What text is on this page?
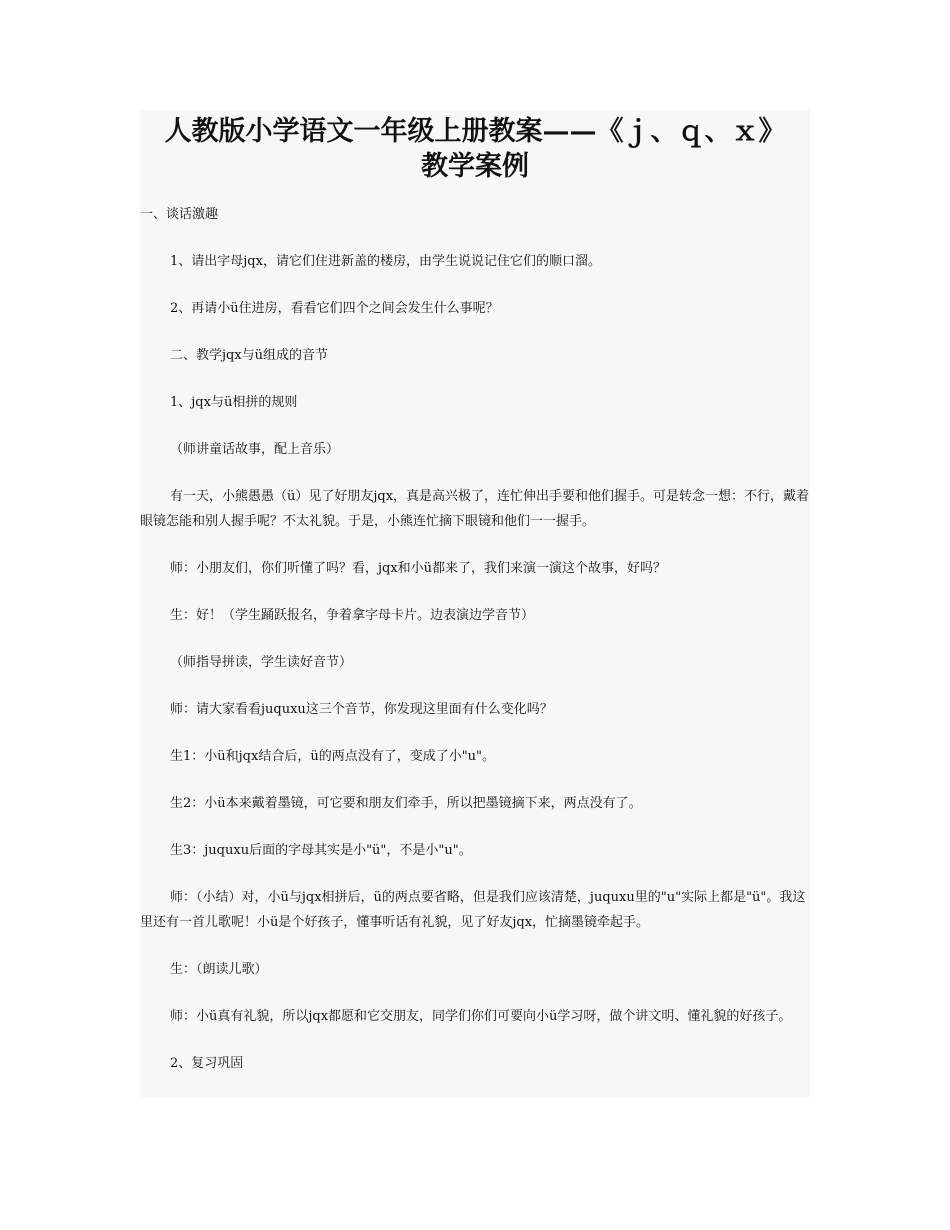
人教版小学语文一年级上册教案——《ｊ、ｑ、ｘ》
教学案例

一、谈话激趣

1、请出字母jqx，请它们住进新盖的楼房，由学生说说记住它们的顺口溜。

2、再请小ü住进房，看看它们四个之间会发生什么事呢？

二、教学jqx与ü组成的音节

1、jqx与ü相拼的规则

（师讲童话故事，配上音乐）

有一天，小熊愚愚（ü）见了好朋友jqx，真是高兴极了，连忙伸出手要和他们握手。可是转念一想：不行，戴着眼镜怎能和别人握手呢？不太礼貌。于是，小熊连忙摘下眼镜和他们一一握手。

师：小朋友们，你们听懂了吗？看，jqx和小ü都来了，我们来演一演这个故事，好吗？

生：好！（学生踊跃报名，争着拿字母卡片。边表演边学音节）

（师指导拼读，学生读好音节）

师：请大家看看juquxu这三个音节，你发现这里面有什么变化吗？

生1：小ü和jqx结合后，ü的两点没有了，变成了小"u"。

生2：小ü本来戴着墨镜，可它要和朋友们牵手，所以把墨镜摘下来，两点没有了。

生3：juquxu后面的字母其实是小"ü"，不是小"u"。

师：（小结）对，小ü与jqx相拼后，ü的两点要省略，但是我们应该清楚，juquxu里的"u"实际上都是"ü"。我这里还有一首儿歌呢！小ü是个好孩子，懂事听话有礼貌，见了好友jqx，忙摘墨镜牵起手。

生：（朗读儿歌）

师：小ü真有礼貌，所以jqx都愿和它交朋友，同学们你们可要向小ü学习呀，做个讲文明、懂礼貌的好孩子。

2、复习巩固
